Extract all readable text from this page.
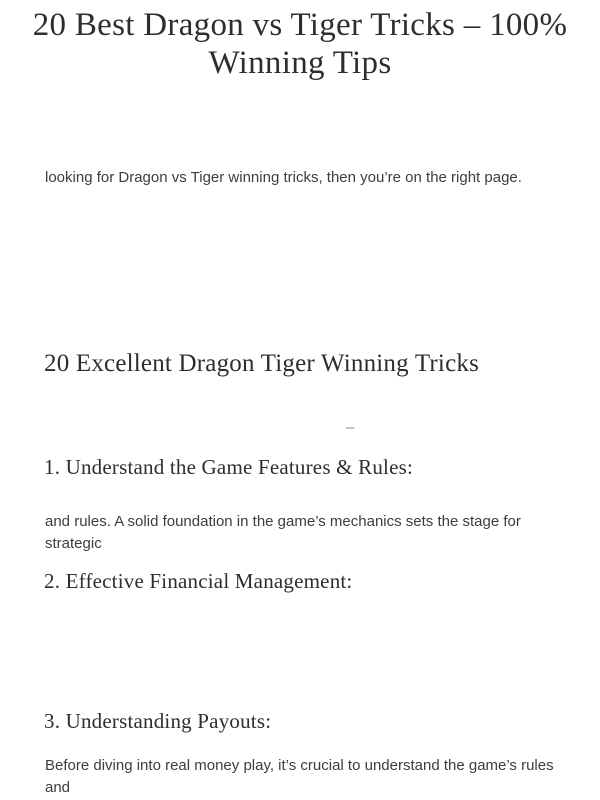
20 Best Dragon vs Tiger Tricks – 100%
Winning Tips

looking for Dragon vs Tiger winning tricks, then you’re on the right page.

20 Excellent Dragon Tiger Winning Tricks
–
1. Understand the Game Features & Rules:

and rules. A solid foundation in the game’s mechanics sets the stage for strategic

2. Effective Financial Management:
3. Understanding Payouts:

Before diving into real money play, it’s crucial to understand the game’s rules and
